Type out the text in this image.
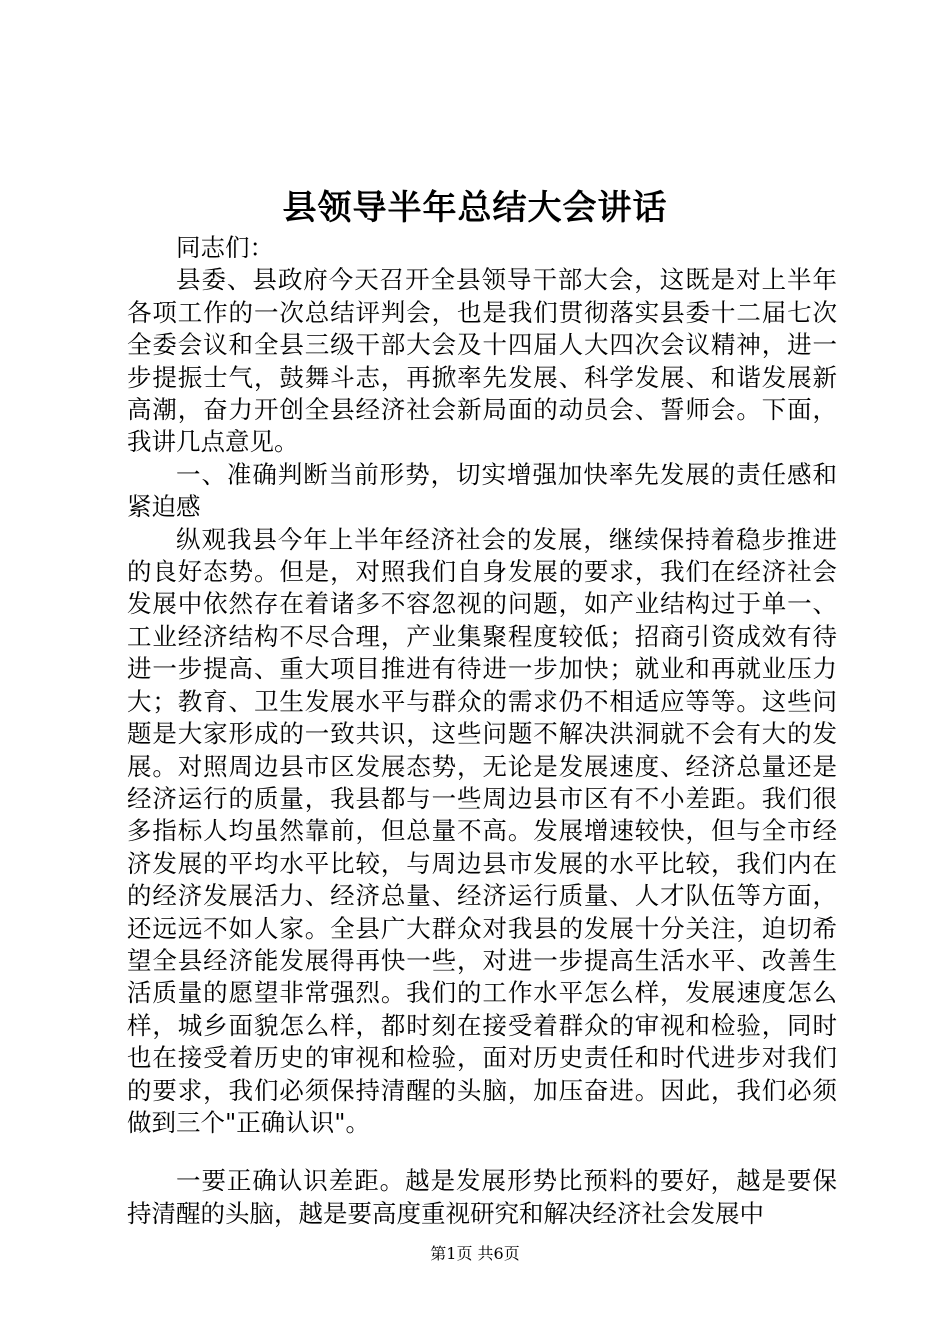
县领导半年总结大会讲话

同志们：

县委、县政府今天召开全县领导干部大会，这既是对上半年各项工作的一次总结评判会，也是我们贯彻落实县委十二届七次全委会议和全县三级干部大会及十四届人大四次会议精神，进一步提振士气，鼓舞斗志，再掀率先发展、科学发展、和谐发展新高潮，奋力开创全县经济社会新局面的动员会、誓师会。下面，我讲几点意见。

一、准确判断当前形势，切实增强加快率先发展的责任感和紧迫感

纵观我县今年上半年经济社会的发展，继续保持着稳步推进的良好态势。但是，对照我们自身发展的要求，我们在经济社会发展中依然存在着诸多不容忽视的问题，如产业结构过于单一、工业经济结构不尽合理，产业集聚程度较低；招商引资成效有待进一步提高、重大项目推进有待进一步加快；就业和再就业压力大；教育、卫生发展水平与群众的需求仍不相适应等等。这些问题是大家形成的一致共识，这些问题不解决洪洞就不会有大的发展。对照周边县市区发展态势，无论是发展速度、经济总量还是经济运行的质量，我县都与一些周边县市区有不小差距。我们很多指标人均虽然靠前，但总量不高。发展增速较快，但与全市经济发展的平均水平比较，与周边县市发展的水平比较，我们内在的经济发展活力、经济总量、经济运行质量、人才队伍等方面，还远远不如人家。全县广大群众对我县的发展十分关注，迫切希望全县经济能发展得再快一些，对进一步提高生活水平、改善生活质量的愿望非常强烈。我们的工作水平怎么样，发展速度怎么样，城乡面貌怎么样，都时刻在接受着群众的审视和检验，同时也在接受着历史的审视和检验，面对历史责任和时代进步对我们的要求，我们必须保持清醒的头脑，加压奋进。因此，我们必须做到三个"正确认识"。

一要正确认识差距。越是发展形势比预料的要好，越是要保持清醒的头脑，越是要高度重视研究和解决经济社会发展中

第1页 共6页
